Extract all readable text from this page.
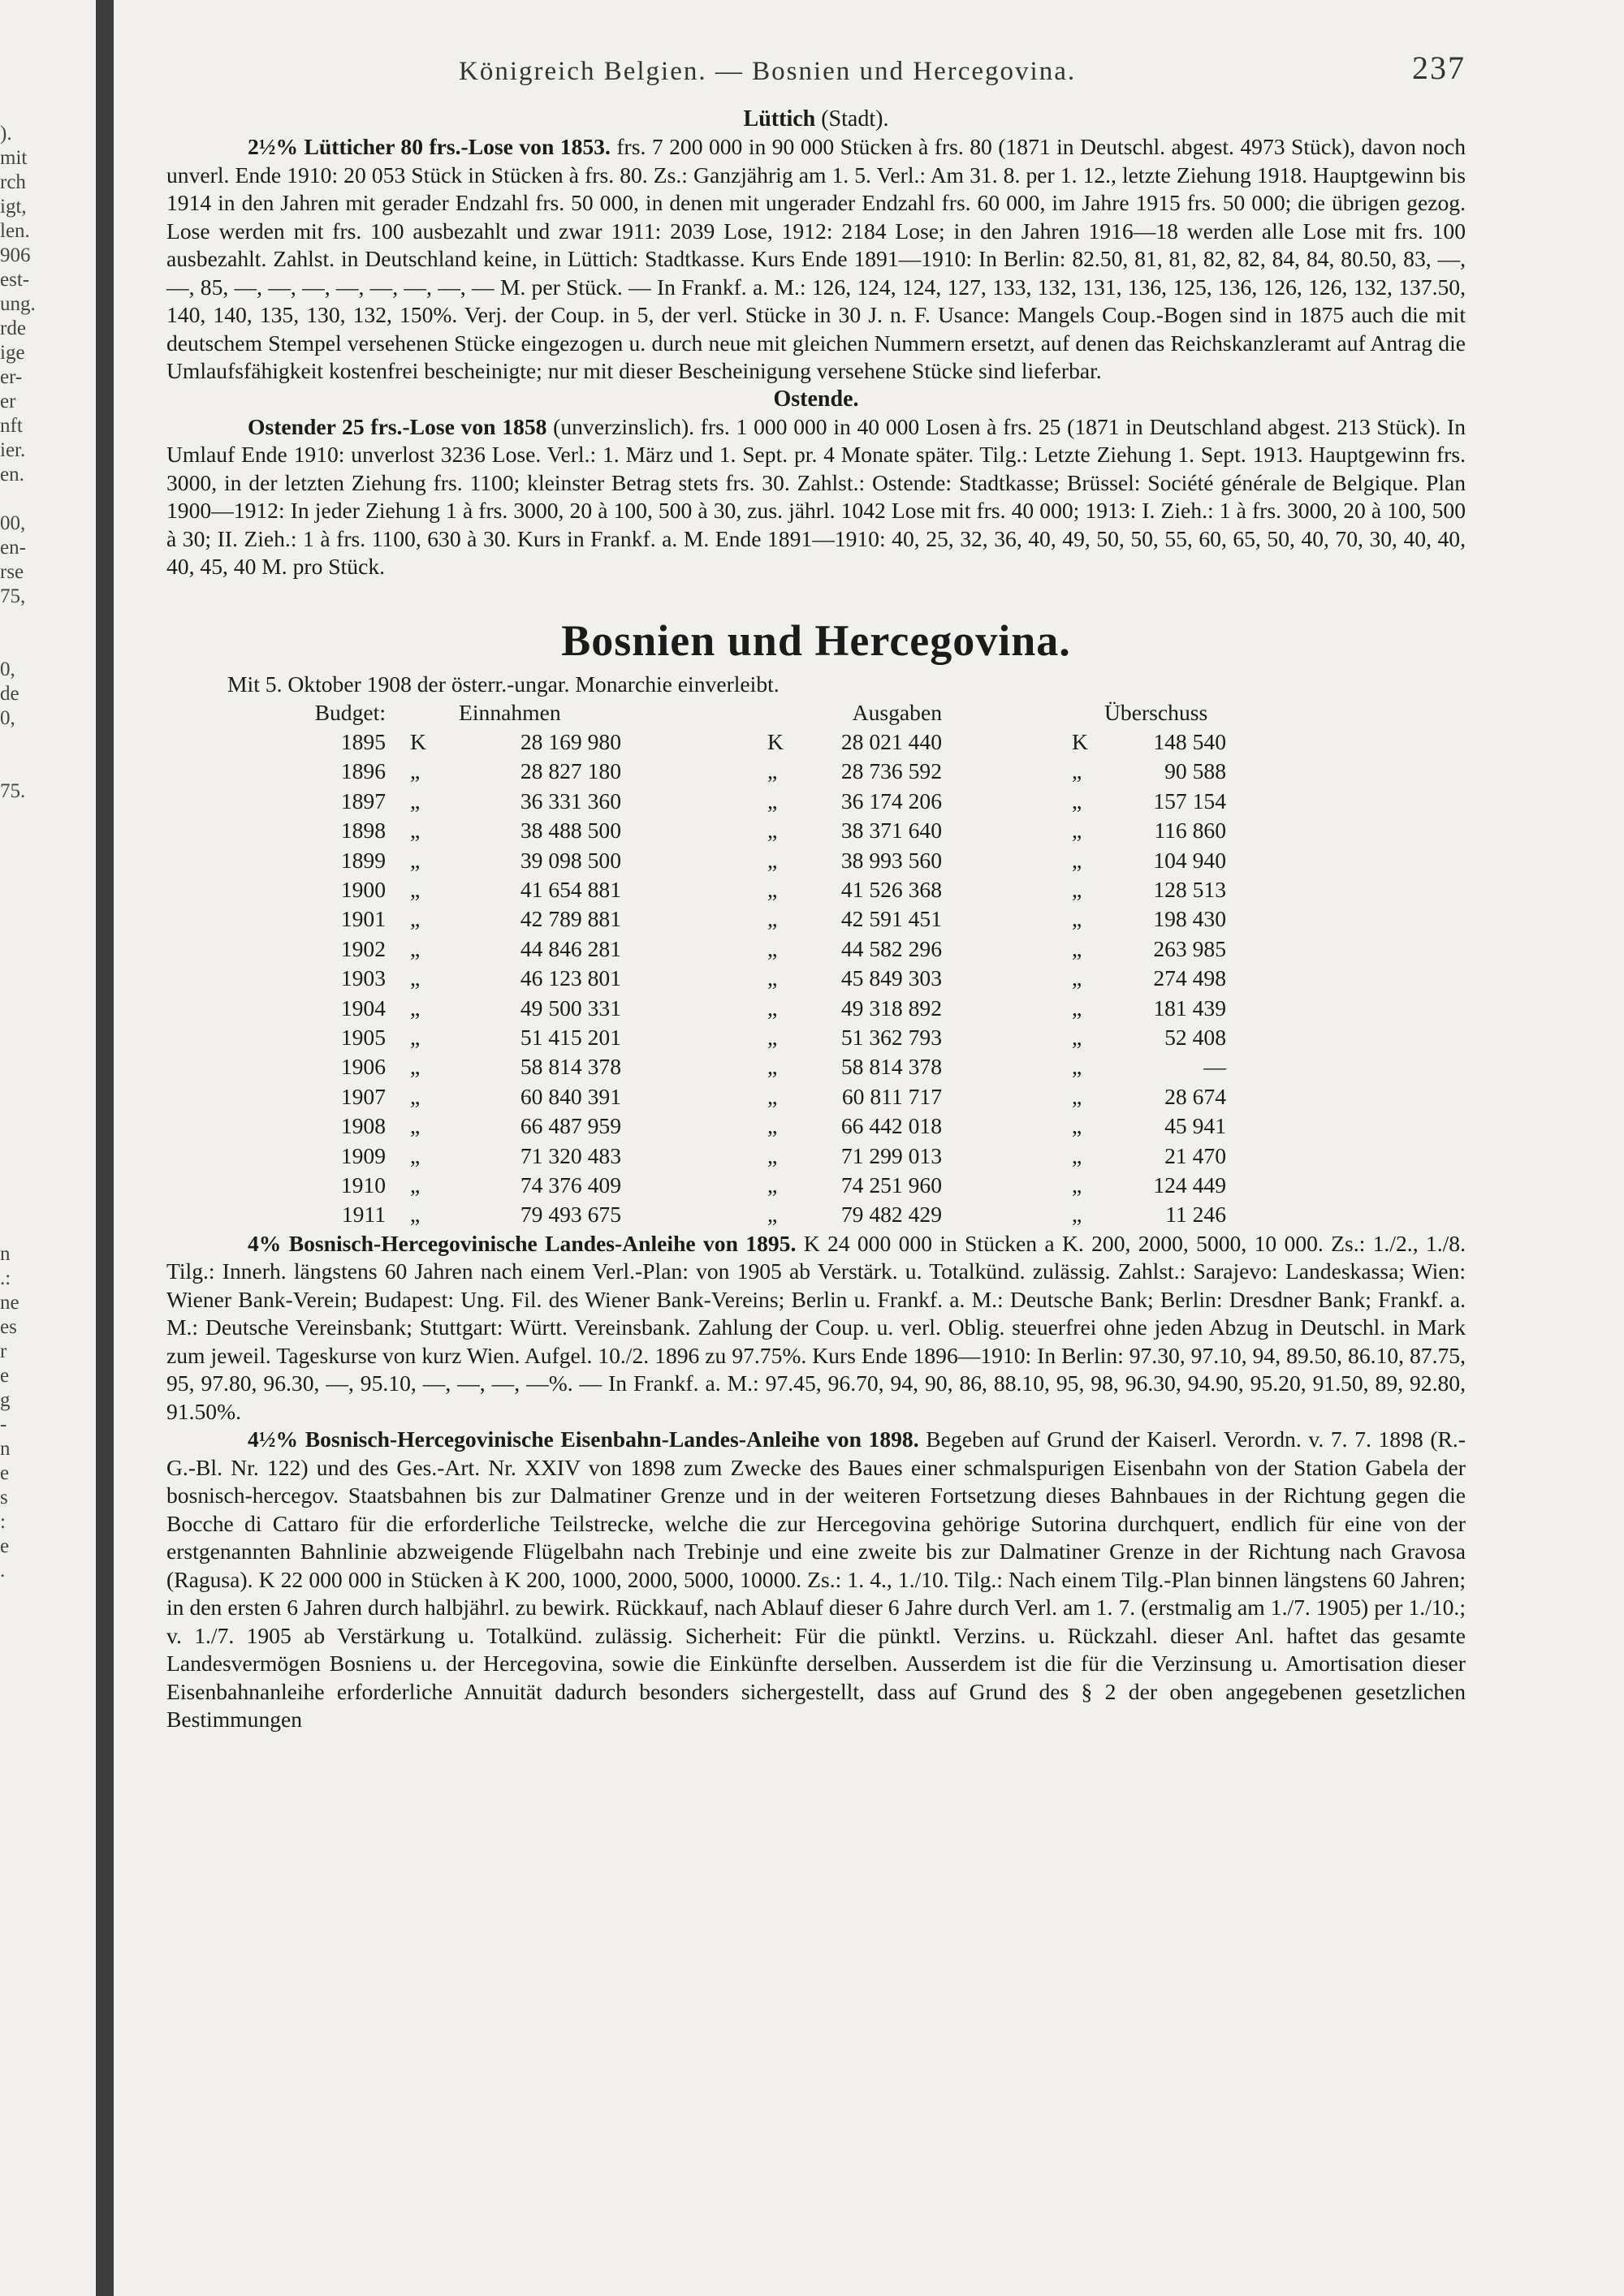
).
mit
rch
igt,
len.
906
est-
ung.
rde
ige
er-
er
nft
ier.
en.
00,
en-
rse
75,
0,
de
0,
75.
n
.:
ne
es
r
e
g
-
n
e
s
:
e
.
Königreich Belgien. — Bosnien und Hercegovina.	237
Lüttich (Stadt).

2½% Lütticher 80 frs.-Lose von 1853. frs. 7 200 000 in 90 000 Stücken à frs. 80 (1871 in Deutschl. abgest. 4973 Stück), davon noch unverl. Ende 1910: 20 053 Stück in Stücken à frs. 80. Zs.: Ganzjährig am 1. 5. Verl.: Am 31. 8. per 1. 12., letzte Ziehung 1918. Hauptgewinn bis 1914 in den Jahren mit gerader Endzahl frs. 50 000, in denen mit ungerader Endzahl frs. 60 000, im Jahre 1915 frs. 50 000; die übrigen gezog. Lose werden mit frs. 100 ausbezahlt und zwar 1911: 2039 Lose, 1912: 2184 Lose; in den Jahren 1916—18 werden alle Lose mit frs. 100 ausbezahlt. Zahlst. in Deutschland keine, in Lüttich: Stadtkasse. Kurs Ende 1891—1910: In Berlin: 82.50, 81, 81, 82, 82, 84, 84, 80.50, 83, —, —, 85, —, —, —, —, —, —, —, — M. per Stück. — In Frankf. a. M.: 126, 124, 124, 127, 133, 132, 131, 136, 125, 136, 126, 126, 132, 137.50, 140, 140, 135, 130, 132, 150%. Verj. der Coup. in 5, der verl. Stücke in 30 J. n. F. Usance: Mangels Coup.-Bogen sind in 1875 auch die mit deutschem Stempel versehenen Stücke eingezogen u. durch neue mit gleichen Nummern ersetzt, auf denen das Reichskanzleramt auf Antrag die Umlaufsfähigkeit kostenfrei bescheinigte; nur mit dieser Bescheinigung versehene Stücke sind lieferbar.

Ostende.

Ostender 25 frs.-Lose von 1858 (unverzinslich). frs. 1 000 000 in 40 000 Losen à frs. 25 (1871 in Deutschland abgest. 213 Stück). In Umlauf Ende 1910: unverlost 3236 Lose. Verl.: 1. März und 1. Sept. pr. 4 Monate später. Tilg.: Letzte Ziehung 1. Sept. 1913. Hauptgewinn frs. 3000, in der letzten Ziehung frs. 1100; kleinster Betrag stets frs. 30. Zahlst.: Ostende: Stadtkasse; Brüssel: Société générale de Belgique. Plan 1900—1912: In jeder Ziehung 1 à frs. 3000, 20 à 100, 500 à 30, zus. jährl. 1042 Lose mit frs. 40 000; 1913: I. Zieh.: 1 à frs. 3000, 20 à 100, 500 à 30; II. Zieh.: 1 à frs. 1100, 630 à 30. Kurs in Frankf. a. M. Ende 1891—1910: 40, 25, 32, 36, 40, 49, 50, 50, 55, 60, 65, 50, 40, 70, 30, 40, 40, 40, 45, 40 M. pro Stück.

Bosnien und Hercegovina.
Mit 5. Oktober 1908 der österr.-ungar. Monarchie einverleibt.
Budget:		Einnahmen			Ausgaben			Überschuss
1895	K	28 169 980		K	28 021 440		K	148 540
1896	„	28 827 180		„	28 736 592		„	90 588
1897	„	36 331 360		„	36 174 206		„	157 154
1898	„	38 488 500		„	38 371 640		„	116 860
1899	„	39 098 500		„	38 993 560		„	104 940
1900	„	41 654 881		„	41 526 368		„	128 513
1901	„	42 789 881		„	42 591 451		„	198 430
1902	„	44 846 281		„	44 582 296		„	263 985
1903	„	46 123 801		„	45 849 303		„	274 498
1904	„	49 500 331		„	49 318 892		„	181 439
1905	„	51 415 201		„	51 362 793		„	52 408
1906	„	58 814 378		„	58 814 378		„	—
1907	„	60 840 391		„	60 811 717		„	28 674
1908	„	66 487 959		„	66 442 018		„	45 941
1909	„	71 320 483		„	71 299 013		„	21 470
1910	„	74 376 409		„	74 251 960		„	124 449
1911	„	79 493 675		„	79 482 429		„	11 246

4% Bosnisch-Hercegovinische Landes-Anleihe von 1895. K 24 000 000 in Stücken a K. 200, 2000, 5000, 10 000. Zs.: 1./2., 1./8. Tilg.: Innerh. längstens 60 Jahren nach einem Verl.-Plan: von 1905 ab Verstärk. u. Totalkünd. zulässig. Zahlst.: Sarajevo: Landeskassa; Wien: Wiener Bank-Verein; Budapest: Ung. Fil. des Wiener Bank-Vereins; Berlin u. Frankf. a. M.: Deutsche Bank; Berlin: Dresdner Bank; Frankf. a. M.: Deutsche Vereinsbank; Stuttgart: Württ. Vereinsbank. Zahlung der Coup. u. verl. Oblig. steuerfrei ohne jeden Abzug in Deutschl. in Mark zum jeweil. Tageskurse von kurz Wien. Aufgel. 10./2. 1896 zu 97.75%. Kurs Ende 1896—1910: In Berlin: 97.30, 97.10, 94, 89.50, 86.10, 87.75, 95, 97.80, 96.30, —, 95.10, —, —, —, —%. — In Frankf. a. M.: 97.45, 96.70, 94, 90, 86, 88.10, 95, 98, 96.30, 94.90, 95.20, 91.50, 89, 92.80, 91.50%.

4½% Bosnisch-Hercegovinische Eisenbahn-Landes-Anleihe von 1898. Begeben auf Grund der Kaiserl. Verordn. v. 7. 7. 1898 (R.-G.-Bl. Nr. 122) und des Ges.-Art. Nr. XXIV von 1898 zum Zwecke des Baues einer schmalspurigen Eisenbahn von der Station Gabela der bosnisch-hercegov. Staatsbahnen bis zur Dalmatiner Grenze und in der weiteren Fortsetzung dieses Bahnbaues in der Richtung gegen die Bocche di Cattaro für die erforderliche Teilstrecke, welche die zur Hercegovina gehörige Sutorina durchquert, endlich für eine von der erstgenannten Bahnlinie abzweigende Flügelbahn nach Trebinje und eine zweite bis zur Dalmatiner Grenze in der Richtung nach Gravosa (Ragusa). K 22 000 000 in Stücken à K 200, 1000, 2000, 5000, 10000. Zs.: 1. 4., 1./10. Tilg.: Nach einem Tilg.-Plan binnen längstens 60 Jahren; in den ersten 6 Jahren durch halbjährl. zu bewirk. Rückkauf, nach Ablauf dieser 6 Jahre durch Verl. am 1. 7. (erstmalig am 1./7. 1905) per 1./10.; v. 1./7. 1905 ab Verstärkung u. Totalkünd. zulässig. Sicherheit: Für die pünktl. Verzins. u. Rückzahl. dieser Anl. haftet das gesamte Landesvermögen Bosniens u. der Hercegovina, sowie die Einkünfte derselben. Ausserdem ist die für die Verzinsung u. Amortisation dieser Eisenbahnanleihe erforderliche Annuität dadurch besonders sichergestellt, dass auf Grund des § 2 der oben angegebenen gesetzlichen Bestimmungen
